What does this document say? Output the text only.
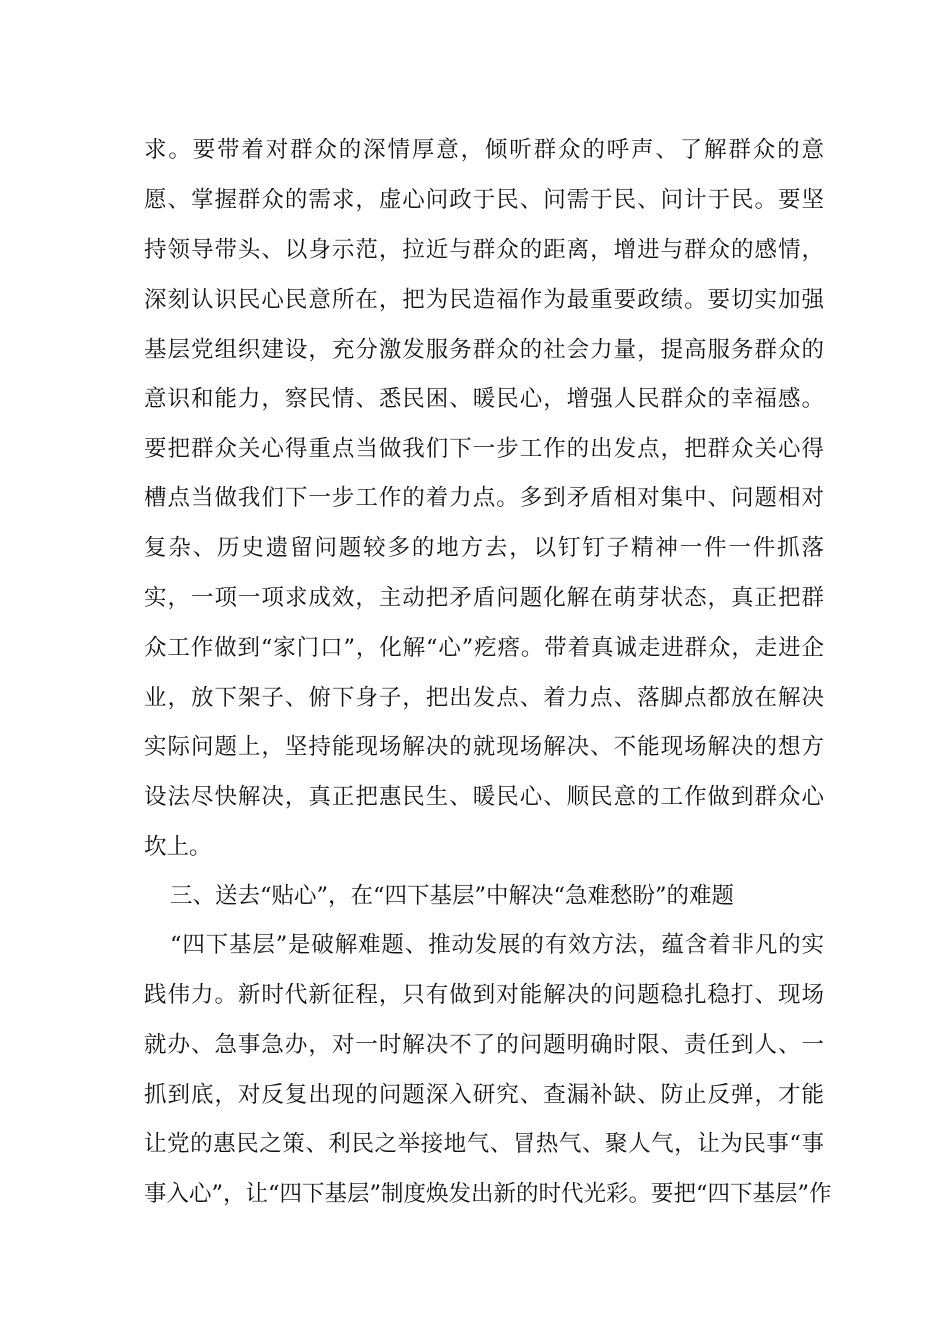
求。要带着对群众的深情厚意，倾听群众的呼声、了解群众的意
愿、掌握群众的需求，虚心问政于民、问需于民、问计于民。要坚
持领导带头、以身示范，拉近与群众的距离，增进与群众的感情，
深刻认识民心民意所在，把为民造福作为最重要政绩。要切实加强
基层党组织建设，充分激发服务群众的社会力量，提高服务群众的
意识和能力，察民情、悉民困、暖民心，增强人民群众的幸福感。
要把群众关心得重点当做我们下一步工作的出发点，把群众关心得
槽点当做我们下一步工作的着力点。多到矛盾相对集中、问题相对
复杂、历史遗留问题较多的地方去，以钉钉子精神一件一件抓落
实，一项一项求成效，主动把矛盾问题化解在萌芽状态，真正把群
众工作做到“家门口”，化解“心”疙瘩。带着真诚走进群众，走进企
业，放下架子、俯下身子，把出发点、着力点、落脚点都放在解决
实际问题上，坚持能现场解决的就现场解决、不能现场解决的想方
设法尽快解决，真正把惠民生、暖民心、顺民意的工作做到群众心
坎上。
三、送去“贴心”，在“四下基层”中解决“急难愁盼”的难题
“四下基层”是破解难题、推动发展的有效方法，蕴含着非凡的实
践伟力。新时代新征程，只有做到对能解决的问题稳扎稳打、现场
就办、急事急办，对一时解决不了的问题明确时限、责任到人、一
抓到底，对反复出现的问题深入研究、查漏补缺、防止反弹，才能
让党的惠民之策、利民之举接地气、冒热气、聚人气，让为民事“事
事入心”，让“四下基层”制度焕发出新的时代光彩。要把“四下基层”作
